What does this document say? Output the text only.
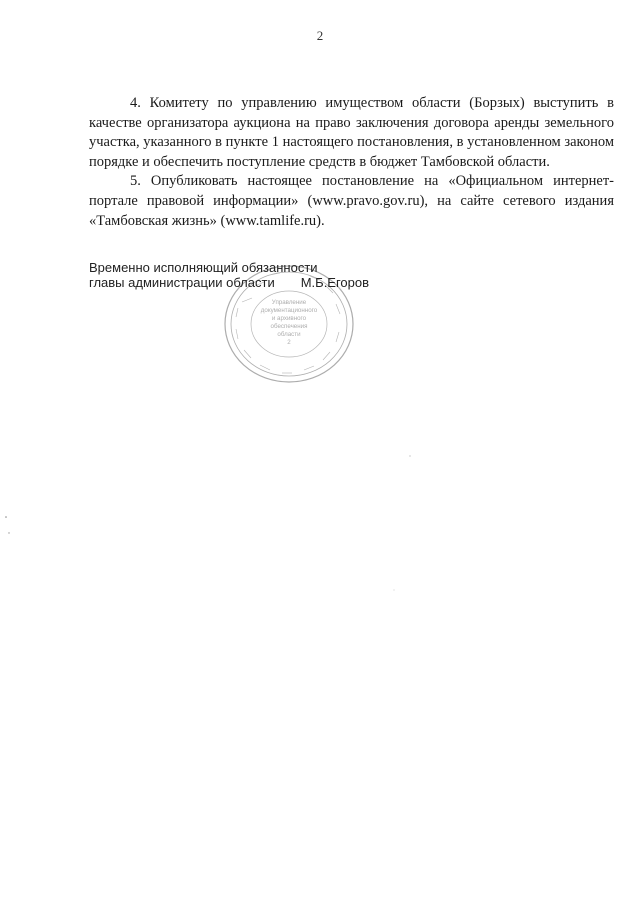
2

4. Комитету по управлению имуществом области (Борзых) выступить в качестве организатора аукциона на право заключения договора аренды земельного участка, указанного в пункте 1 настоящего постановления, в установленном законом порядке и обеспечить поступление средств в бюджет Тамбовской области.

5. Опубликовать настоящее постановление на «Официальном интернет-портале правовой информации» (www.pravo.gov.ru), на сайте сетевого издания «Тамбовская жизнь» (www.tamlife.ru).

Управление
документационного
и архивного
обеспечения
области
2
Временно исполняющий обязанности
главы администрации области М.Б.Егоров
